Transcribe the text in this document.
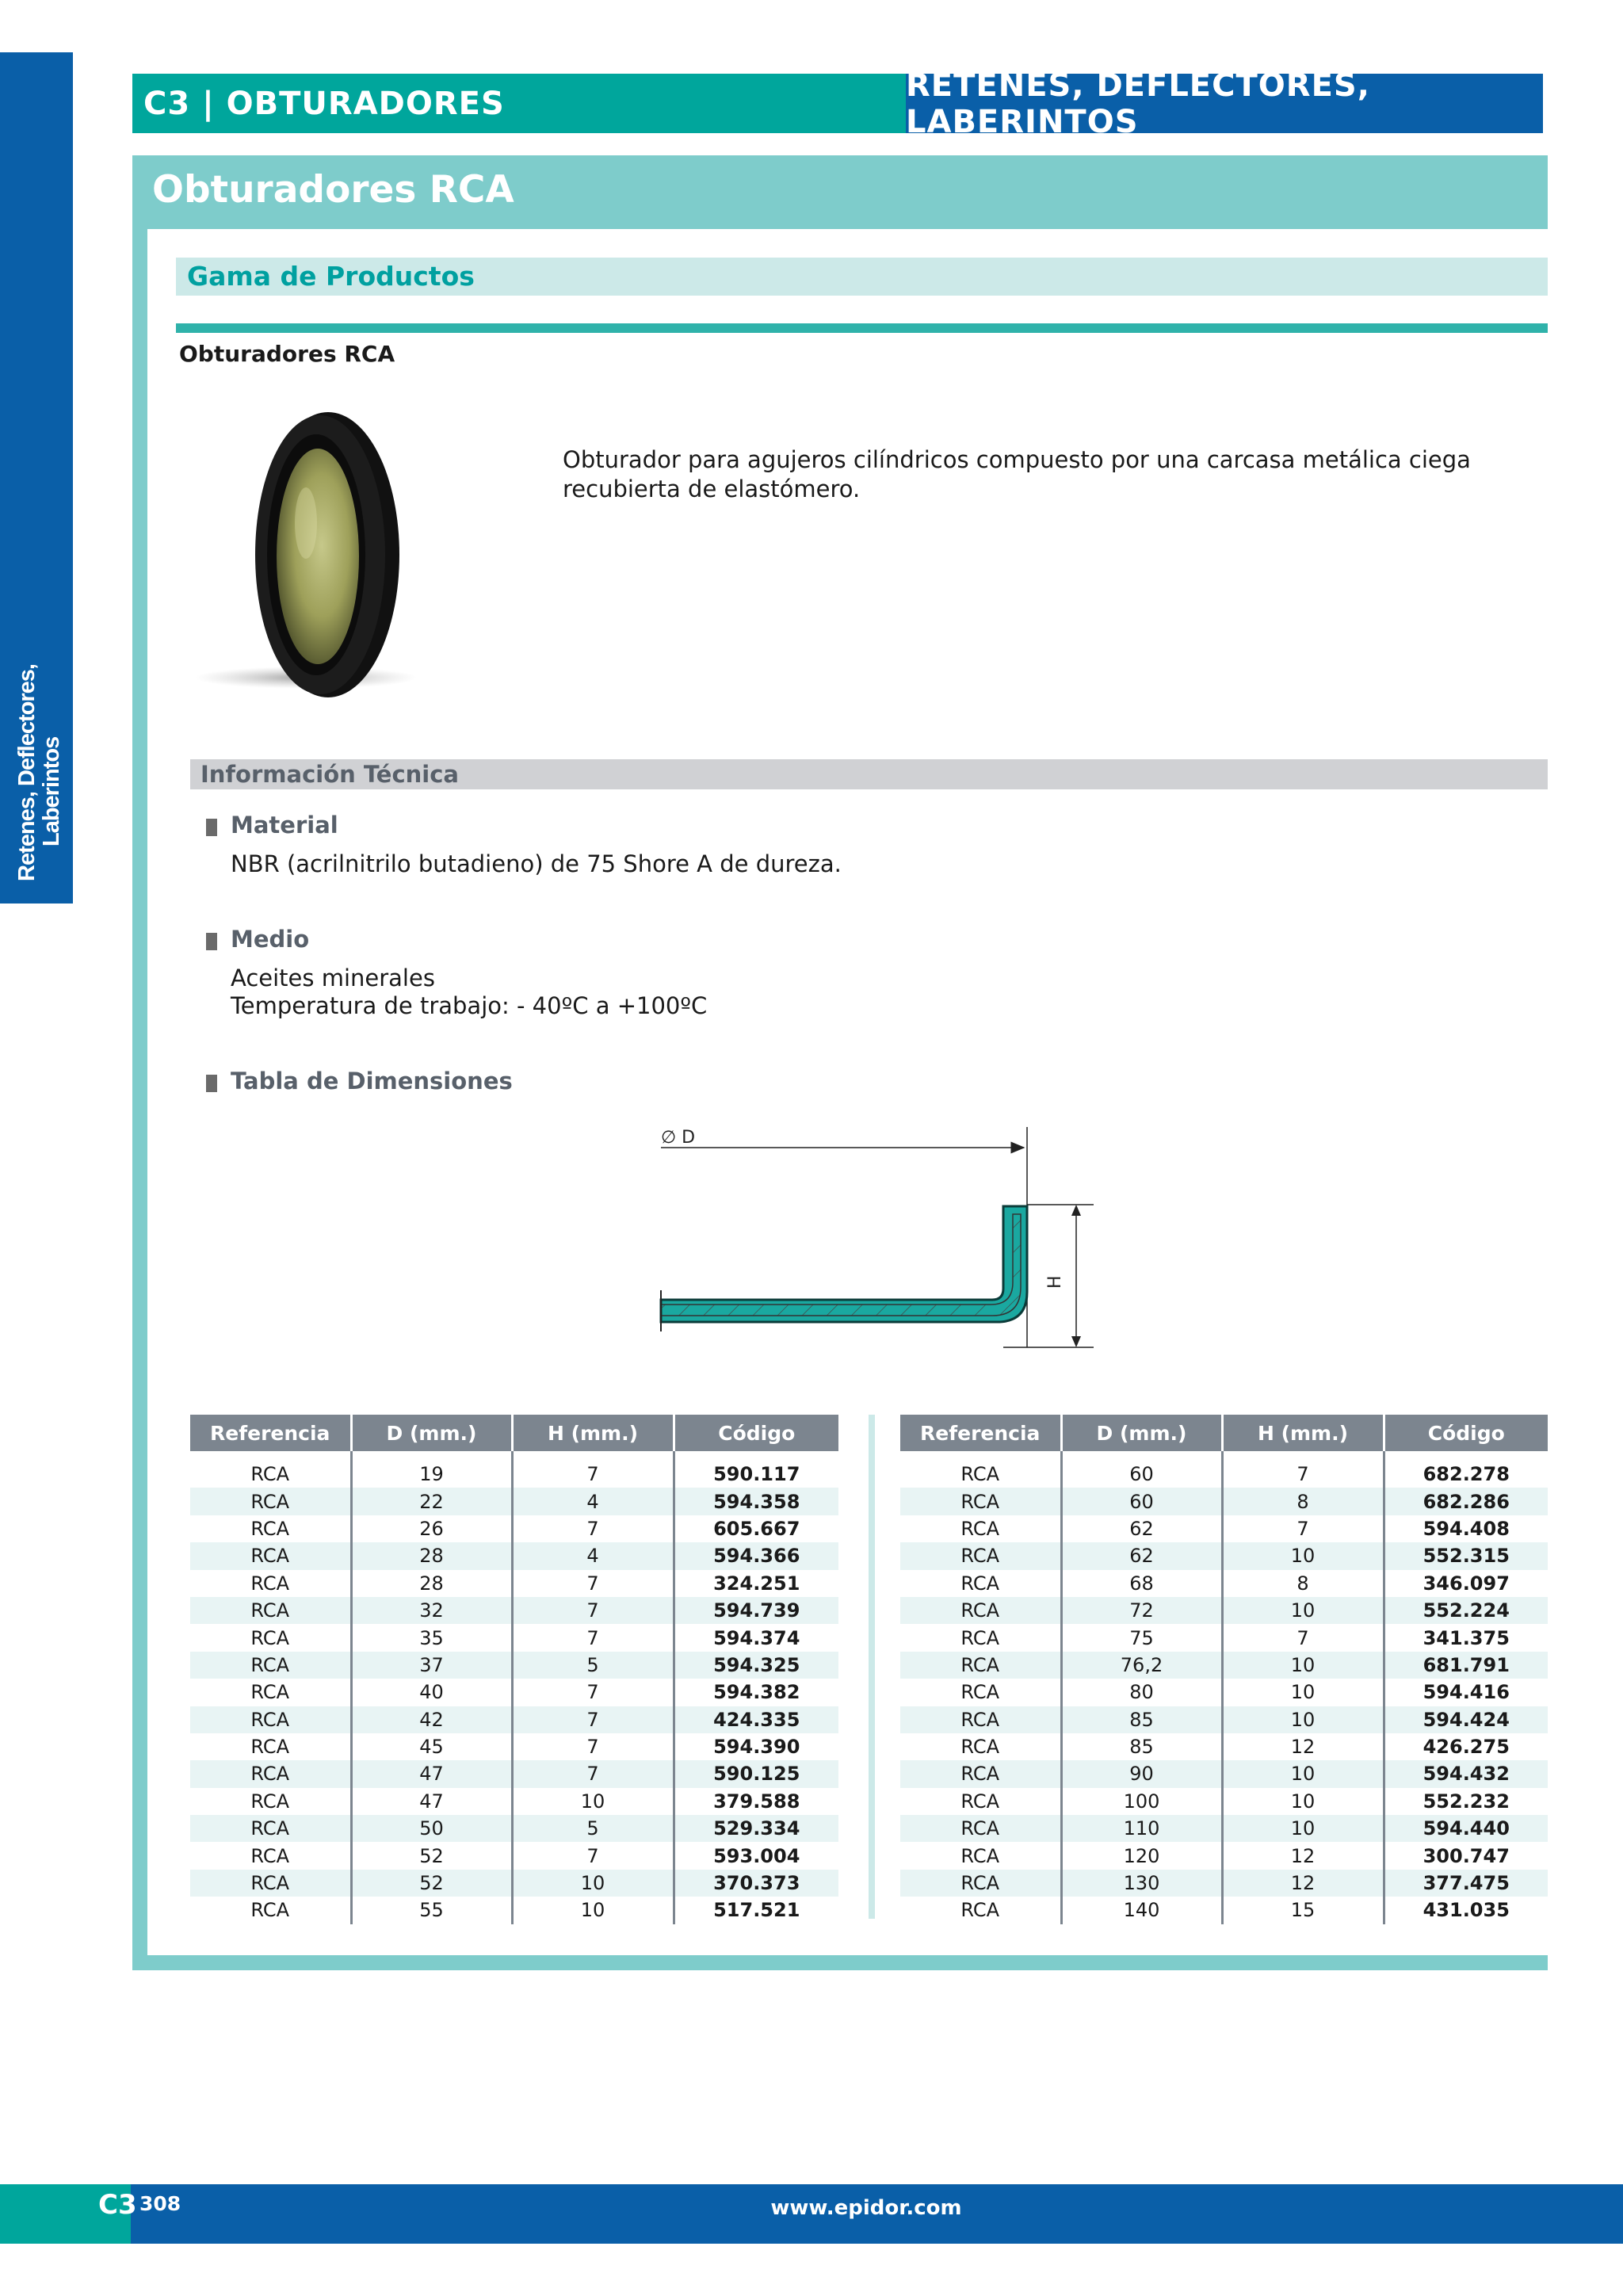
Retenes, Deflectores, Laberintos
C3 | OBTURADORES	RETENES, DEFLECTORES, LABERINTOS
Obturadores RCA
Gama de Productos
Obturadores RCA
Obturador para agujeros cilíndricos compuesto por una carcasa metálica ciega recubierta de elastómero.
Información Técnica
Material
NBR (acrilnitrilo butadieno) de 75 Shore A de dureza.
Medio
Aceites minerales
Temperatura de trabajo: - 40ºC a +100ºC
Tabla de Dimensiones
∅ D
H
Referencia	D (mm.)	H (mm.)	Código

RCA	19	7	590.117
RCA	22	4	594.358
RCA	26	7	605.667
RCA	28	4	594.366
RCA	28	7	324.251
RCA	32	7	594.739
RCA	35	7	594.374
RCA	37	5	594.325
RCA	40	7	594.382
RCA	42	7	424.335
RCA	45	7	594.390
RCA	47	7	590.125
RCA	47	10	379.588
RCA	50	5	529.334
RCA	52	7	593.004
RCA	52	10	370.373
RCA	55	10	517.521
Referencia	D (mm.)	H (mm.)	Código

RCA	60	7	682.278
RCA	60	8	682.286
RCA	62	7	594.408
RCA	62	10	552.315
RCA	68	8	346.097
RCA	72	10	552.224
RCA	75	7	341.375
RCA	76,2	10	681.791
RCA	80	10	594.416
RCA	85	10	594.424
RCA	85	12	426.275
RCA	90	10	594.432
RCA	100	10	552.232
RCA	110	10	594.440
RCA	120	12	300.747
RCA	130	12	377.475
RCA	140	15	431.035
C3 308	www.epidor.com
